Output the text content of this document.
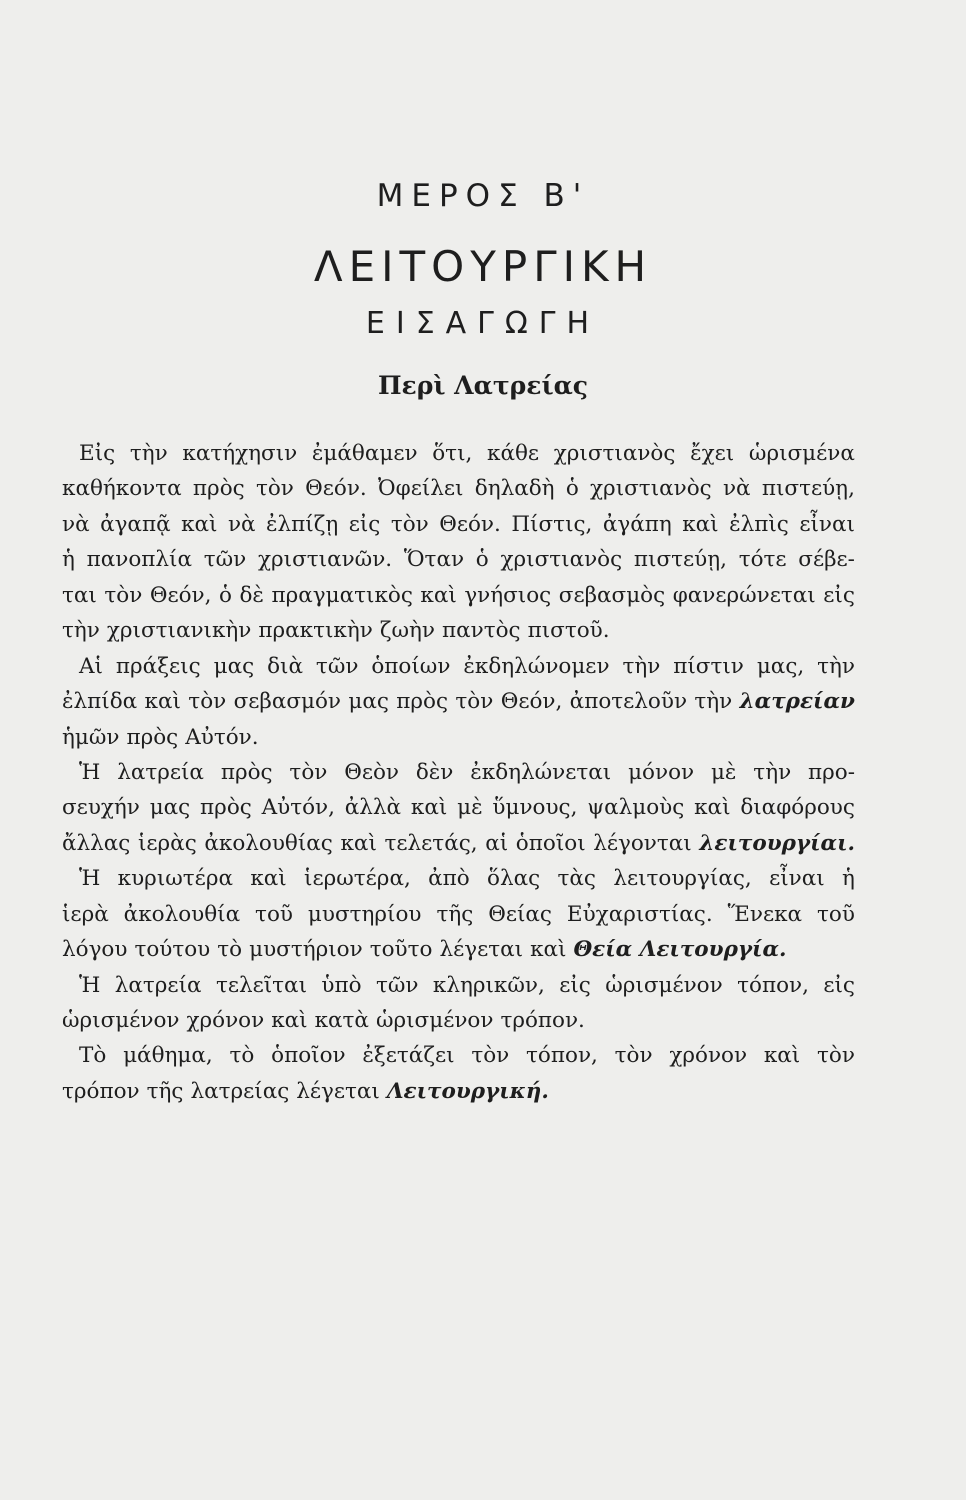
ΜΕΡΟΣ Β'
ΛΕΙΤΟΥΡΓΙΚΗ
ΕΙΣΑΓΩΓΗ
Περὶ Λατρείας
Εἰς τὴν κατήχησιν ἐμάθαμεν ὅτι, κάθε χριστιανὸς ἔχει ὡρισμένα
καθήκοντα πρὸς τὸν Θεόν. Ὀφείλει δηλαδὴ ὁ χριστιανὸς νὰ πιστεύῃ,
νὰ ἀγαπᾷ καὶ νὰ ἐλπίζῃ εἰς τὸν Θεόν. Πίστις, ἀγάπη καὶ ἐλπὶς εἶναι
ἡ πανοπλία τῶν χριστιανῶν. Ὅταν ὁ χριστιανὸς πιστεύῃ, τότε σέβε-
ται τὸν Θεόν, ὁ δὲ πραγματικὸς καὶ γνήσιος σεβασμὸς φανερώνεται εἰς
τὴν χριστιανικὴν πρακτικὴν ζωὴν παντὸς πιστοῦ.
Αἱ πράξεις μας διὰ τῶν ὁποίων ἐκδηλώνομεν τὴν πίστιν μας, τὴν
ἐλπίδα καὶ τὸν σεβασμόν μας πρὸς τὸν Θεόν, ἀποτελοῦν τὴν λατρείαν
ἡμῶν πρὸς Αὐτόν.
Ἡ λατρεία πρὸς τὸν Θεὸν δὲν ἐκδηλώνεται μόνον μὲ τὴν προ-
σευχήν μας πρὸς Αὐτόν, ἀλλὰ καὶ μὲ ὕμνους, ψαλμοὺς καὶ διαφόρους
ἄλλας ἱερὰς ἀκολουθίας καὶ τελετάς, αἱ ὁποῖοι λέγονται λειτουργίαι.
Ἡ κυριωτέρα καὶ ἱερωτέρα, ἀπὸ ὅλας τὰς λειτουργίας, εἶναι ἡ
ἱερὰ ἀκολουθία τοῦ μυστηρίου τῆς Θείας Εὐχαριστίας. Ἕνεκα τοῦ
λόγου τούτου τὸ μυστήριον τοῦτο λέγεται καὶ Θεία Λειτουργία.
Ἡ λατρεία τελεῖται ὑπὸ τῶν κληρικῶν, εἰς ὡρισμένον τόπον, εἰς
ὡρισμένον χρόνον καὶ κατὰ ὡρισμένον τρόπον.
Τὸ μάθημα, τὸ ὁποῖον ἐξετάζει τὸν τόπον, τὸν χρόνον καὶ τὸν
τρόπον τῆς λατρείας λέγεται Λειτουργική.
